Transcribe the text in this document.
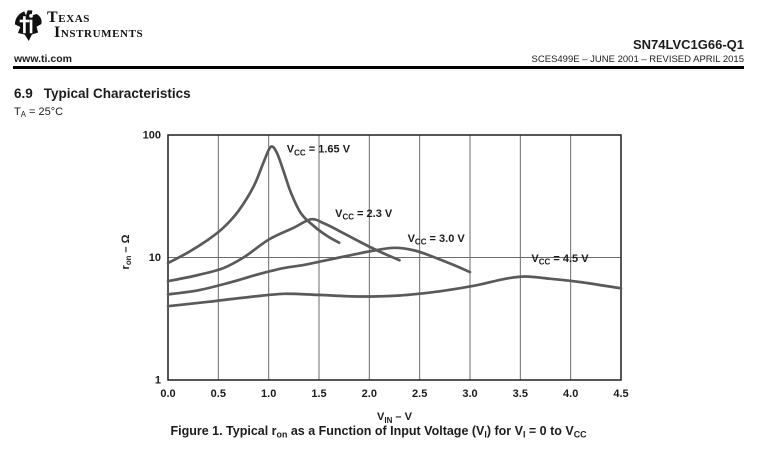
Texas
Instruments
SN74LVC1G66-Q1
SCES499E – JUNE 2001 – REVISED APRIL 2015
www.ti.com
6.9 Typical Characteristics
$T_A = 25^\circ C$
$r_{on}$ – Ω
0.0	0.5	1.0	1.5	2.0	2.5	3.0	3.5	4.0	4.5
100
10
1
$V_{CC} = 1.65$ V
$V_{CC} = 2.3$ V
$V_{CC} = 3.0$ V
$V_{CC} = 4.5$ V
$V_{IN}$ – V
Figure 1. Typical $r_{on}$ as a Function of Input Voltage $(V_I)$ for $V_I = 0$ to $V_{CC}$
